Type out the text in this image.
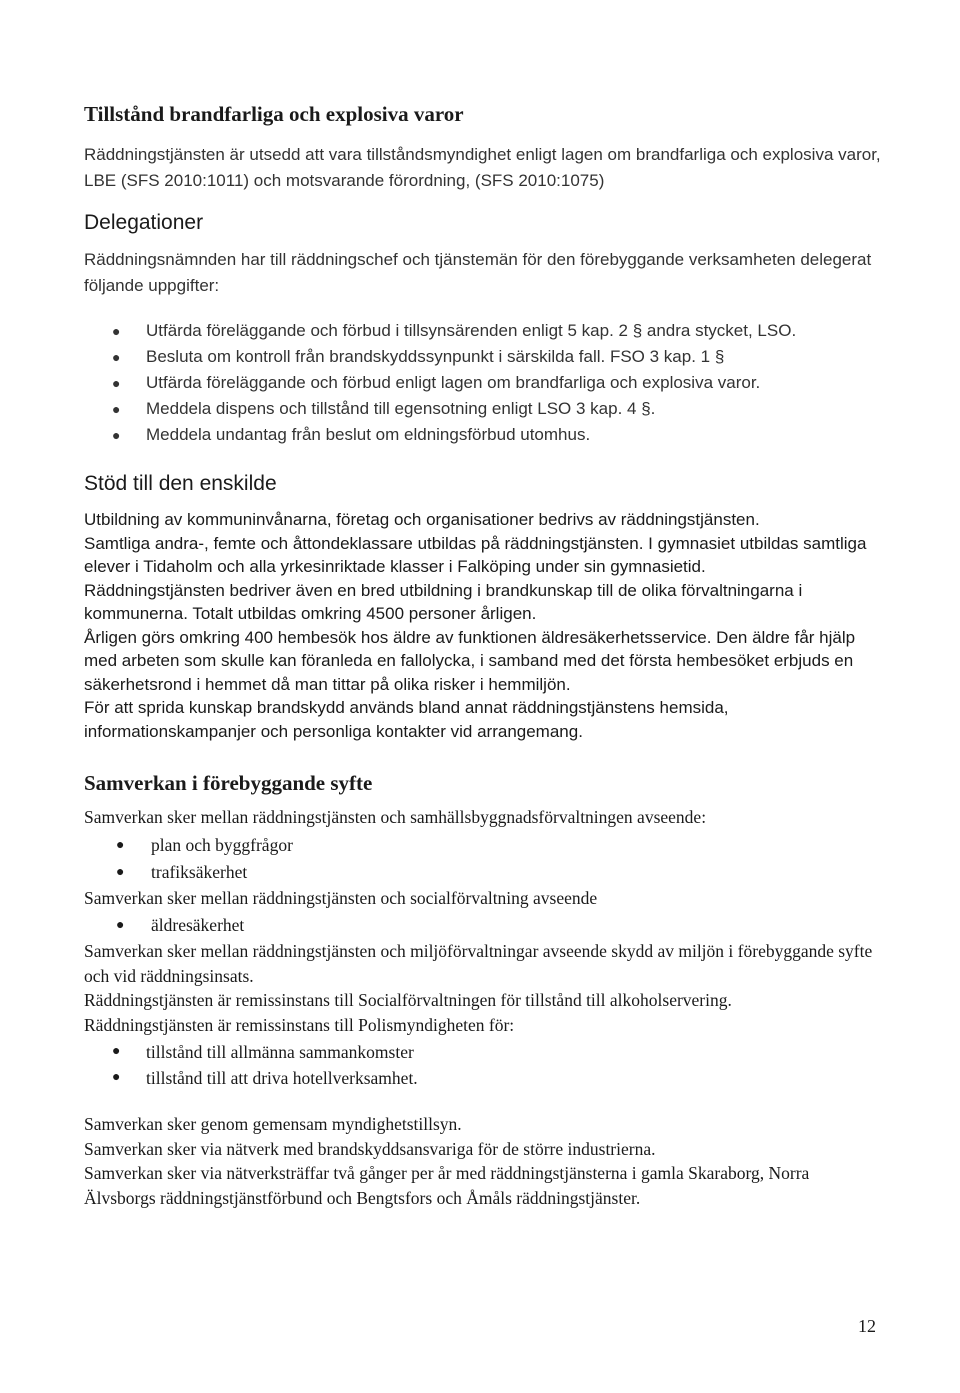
Tillstånd brandfarliga och explosiva varor

Räddningstjänsten är utsedd att vara tillståndsmyndighet enligt lagen om brandfarliga och explosiva varor, LBE (SFS 2010:1011) och motsvarande förordning, (SFS 2010:1075)

Delegationer

Räddningsnämnden har till räddningschef och tjänstemän för den förebyggande verksamheten delegerat följande uppgifter:

● Utfärda föreläggande och förbud i tillsynsärenden enligt 5 kap. 2 § andra stycket, LSO.
● Besluta om kontroll från brandskyddssynpunkt i särskilda fall. FSO 3 kap. 1 §
● Utfärda föreläggande och förbud enligt lagen om brandfarliga och explosiva varor.
● Meddela dispens och tillstånd till egensotning enligt LSO 3 kap. 4 §.
● Meddela undantag från beslut om eldningsförbud utomhus.
Stöd till den enskilde

Utbildning av kommuninvånarna, företag och organisationer bedrivs av räddningstjänsten.

Samtliga andra-, femte och åttondeklassare utbildas på räddningstjänsten. I gymnasiet utbildas samtliga elever i Tidaholm och alla yrkesinriktade klasser i Falköping under sin gymnasietid.

Räddningstjänsten bedriver även en bred utbildning i brandkunskap till de olika förvaltningarna i kommunerna. Totalt utbildas omkring 4500 personer årligen.

Årligen görs omkring 400 hembesök hos äldre av funktionen äldresäkerhetsservice. Den äldre får hjälp med arbeten som skulle kan föranleda en fallolycka, i samband med det första hembesöket erbjuds en säkerhetsrond i hemmet då man tittar på olika risker i hemmiljön.

För att sprida kunskap brandskydd används bland annat räddningstjänstens hemsida, informationskampanjer och personliga kontakter vid arrangemang.

Samverkan i förebyggande syfte

Samverkan sker mellan räddningstjänsten och samhällsbyggnadsförvaltningen avseende:

● plan och byggfrågor
● trafiksäkerhet

Samverkan sker mellan räddningstjänsten och socialförvaltning avseende

● äldresäkerhet

Samverkan sker mellan räddningstjänsten och miljöförvaltningar avseende skydd av miljön i förebyggande syfte och vid räddningsinsats.

Räddningstjänsten är remissinstans till Socialförvaltningen för tillstånd till alkoholservering.

Räddningstjänsten är remissinstans till Polismyndigheten för:

● tillstånd till allmänna sammankomster
● tillstånd till att driva hotellverksamhet.

Samverkan sker genom gemensam myndighetstillsyn.

Samverkan sker via nätverk med brandskyddsansvariga för de större industrierna.

Samverkan sker via nätverksträffar två gånger per år med räddningstjänsterna i gamla Skaraborg, Norra Älvsborgs räddningstjänstförbund och Bengtsfors och Åmåls räddningstjänster.

12
